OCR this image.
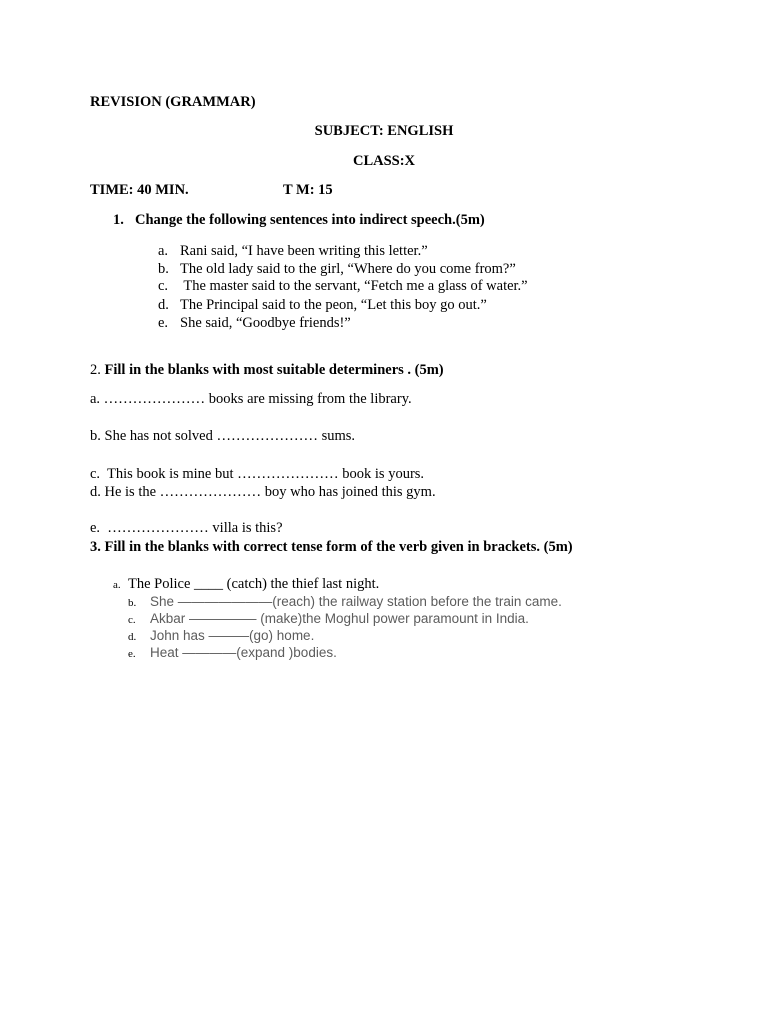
REVISION (GRAMMAR)
SUBJECT: ENGLISH
CLASS:X
TIME: 40 MIN.	T M: 15
1. Change the following sentences into indirect speech.(5m)
a. Rani said, “I have been writing this letter.”
b. The old lady said to the girl, “Where do you come from?”
c. The master said to the servant, “Fetch me a glass of water.”
d. The Principal said to the peon, “Let this boy go out.”
e. She said, “Goodbye friends!”
2. Fill in the blanks with most suitable determiners . (5m)
a. ………………… books are missing from the library.
b. She has not solved ………………… sums.
c.  This book is mine but ………………… book is yours.
d. He is the ………………… boy who has joined this gym.
e.  ………………… villa is this?
3. Fill in the blanks with correct tense form of the verb given in brackets. (5m)
a. The Police ____ (catch) the thief last night.
b. She ———————(reach) the railway station before the train came.
c. Akbar ————— (make)the Moghul power paramount in India.
d. John has ———(go) home.
e. Heat ————(expand )bodies.
